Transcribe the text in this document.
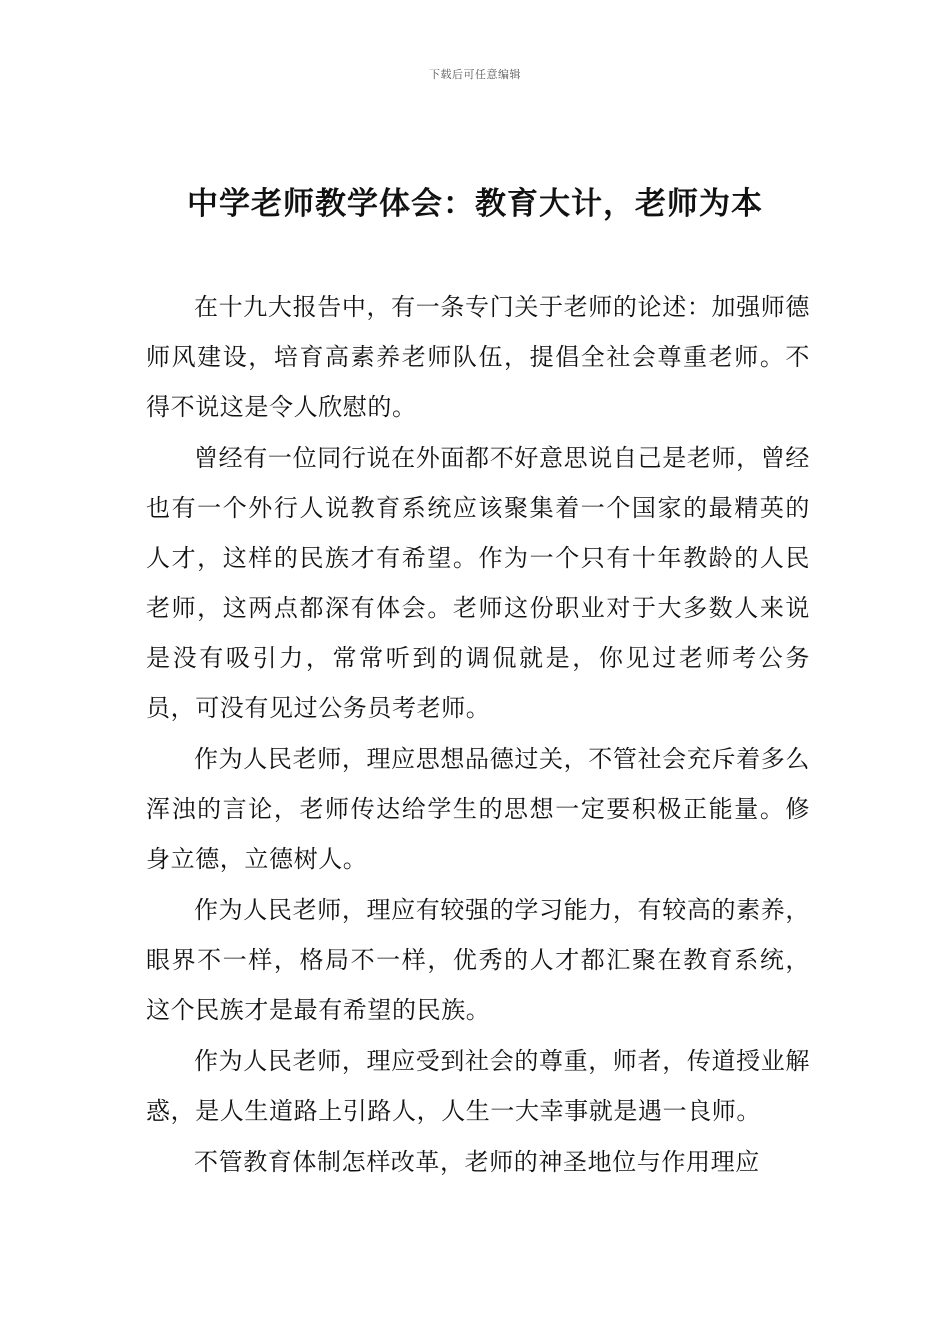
下载后可任意编辑
中学老师教学体会：教育大计，老师为本

在十九大报告中，有一条专门关于老师的论述：加强师德师风建设，培育高素养老师队伍，提倡全社会尊重老师。不得不说这是令人欣慰的。

曾经有一位同行说在外面都不好意思说自己是老师，曾经也有一个外行人说教育系统应该聚集着一个国家的最精英的人才，这样的民族才有希望。作为一个只有十年教龄的人民老师，这两点都深有体会。老师这份职业对于大多数人来说是没有吸引力，常常听到的调侃就是，你见过老师考公务员，可没有见过公务员考老师。

作为人民老师，理应思想品德过关，不管社会充斥着多么浑浊的言论，老师传达给学生的思想一定要积极正能量。修身立德，立德树人。

作为人民老师，理应有较强的学习能力，有较高的素养，眼界不一样，格局不一样，优秀的人才都汇聚在教育系统，这个民族才是最有希望的民族。

作为人民老师，理应受到社会的尊重，师者，传道授业解惑，是人生道路上引路人，人生一大幸事就是遇一良师。

不管教育体制怎样改革，老师的神圣地位与作用理应
